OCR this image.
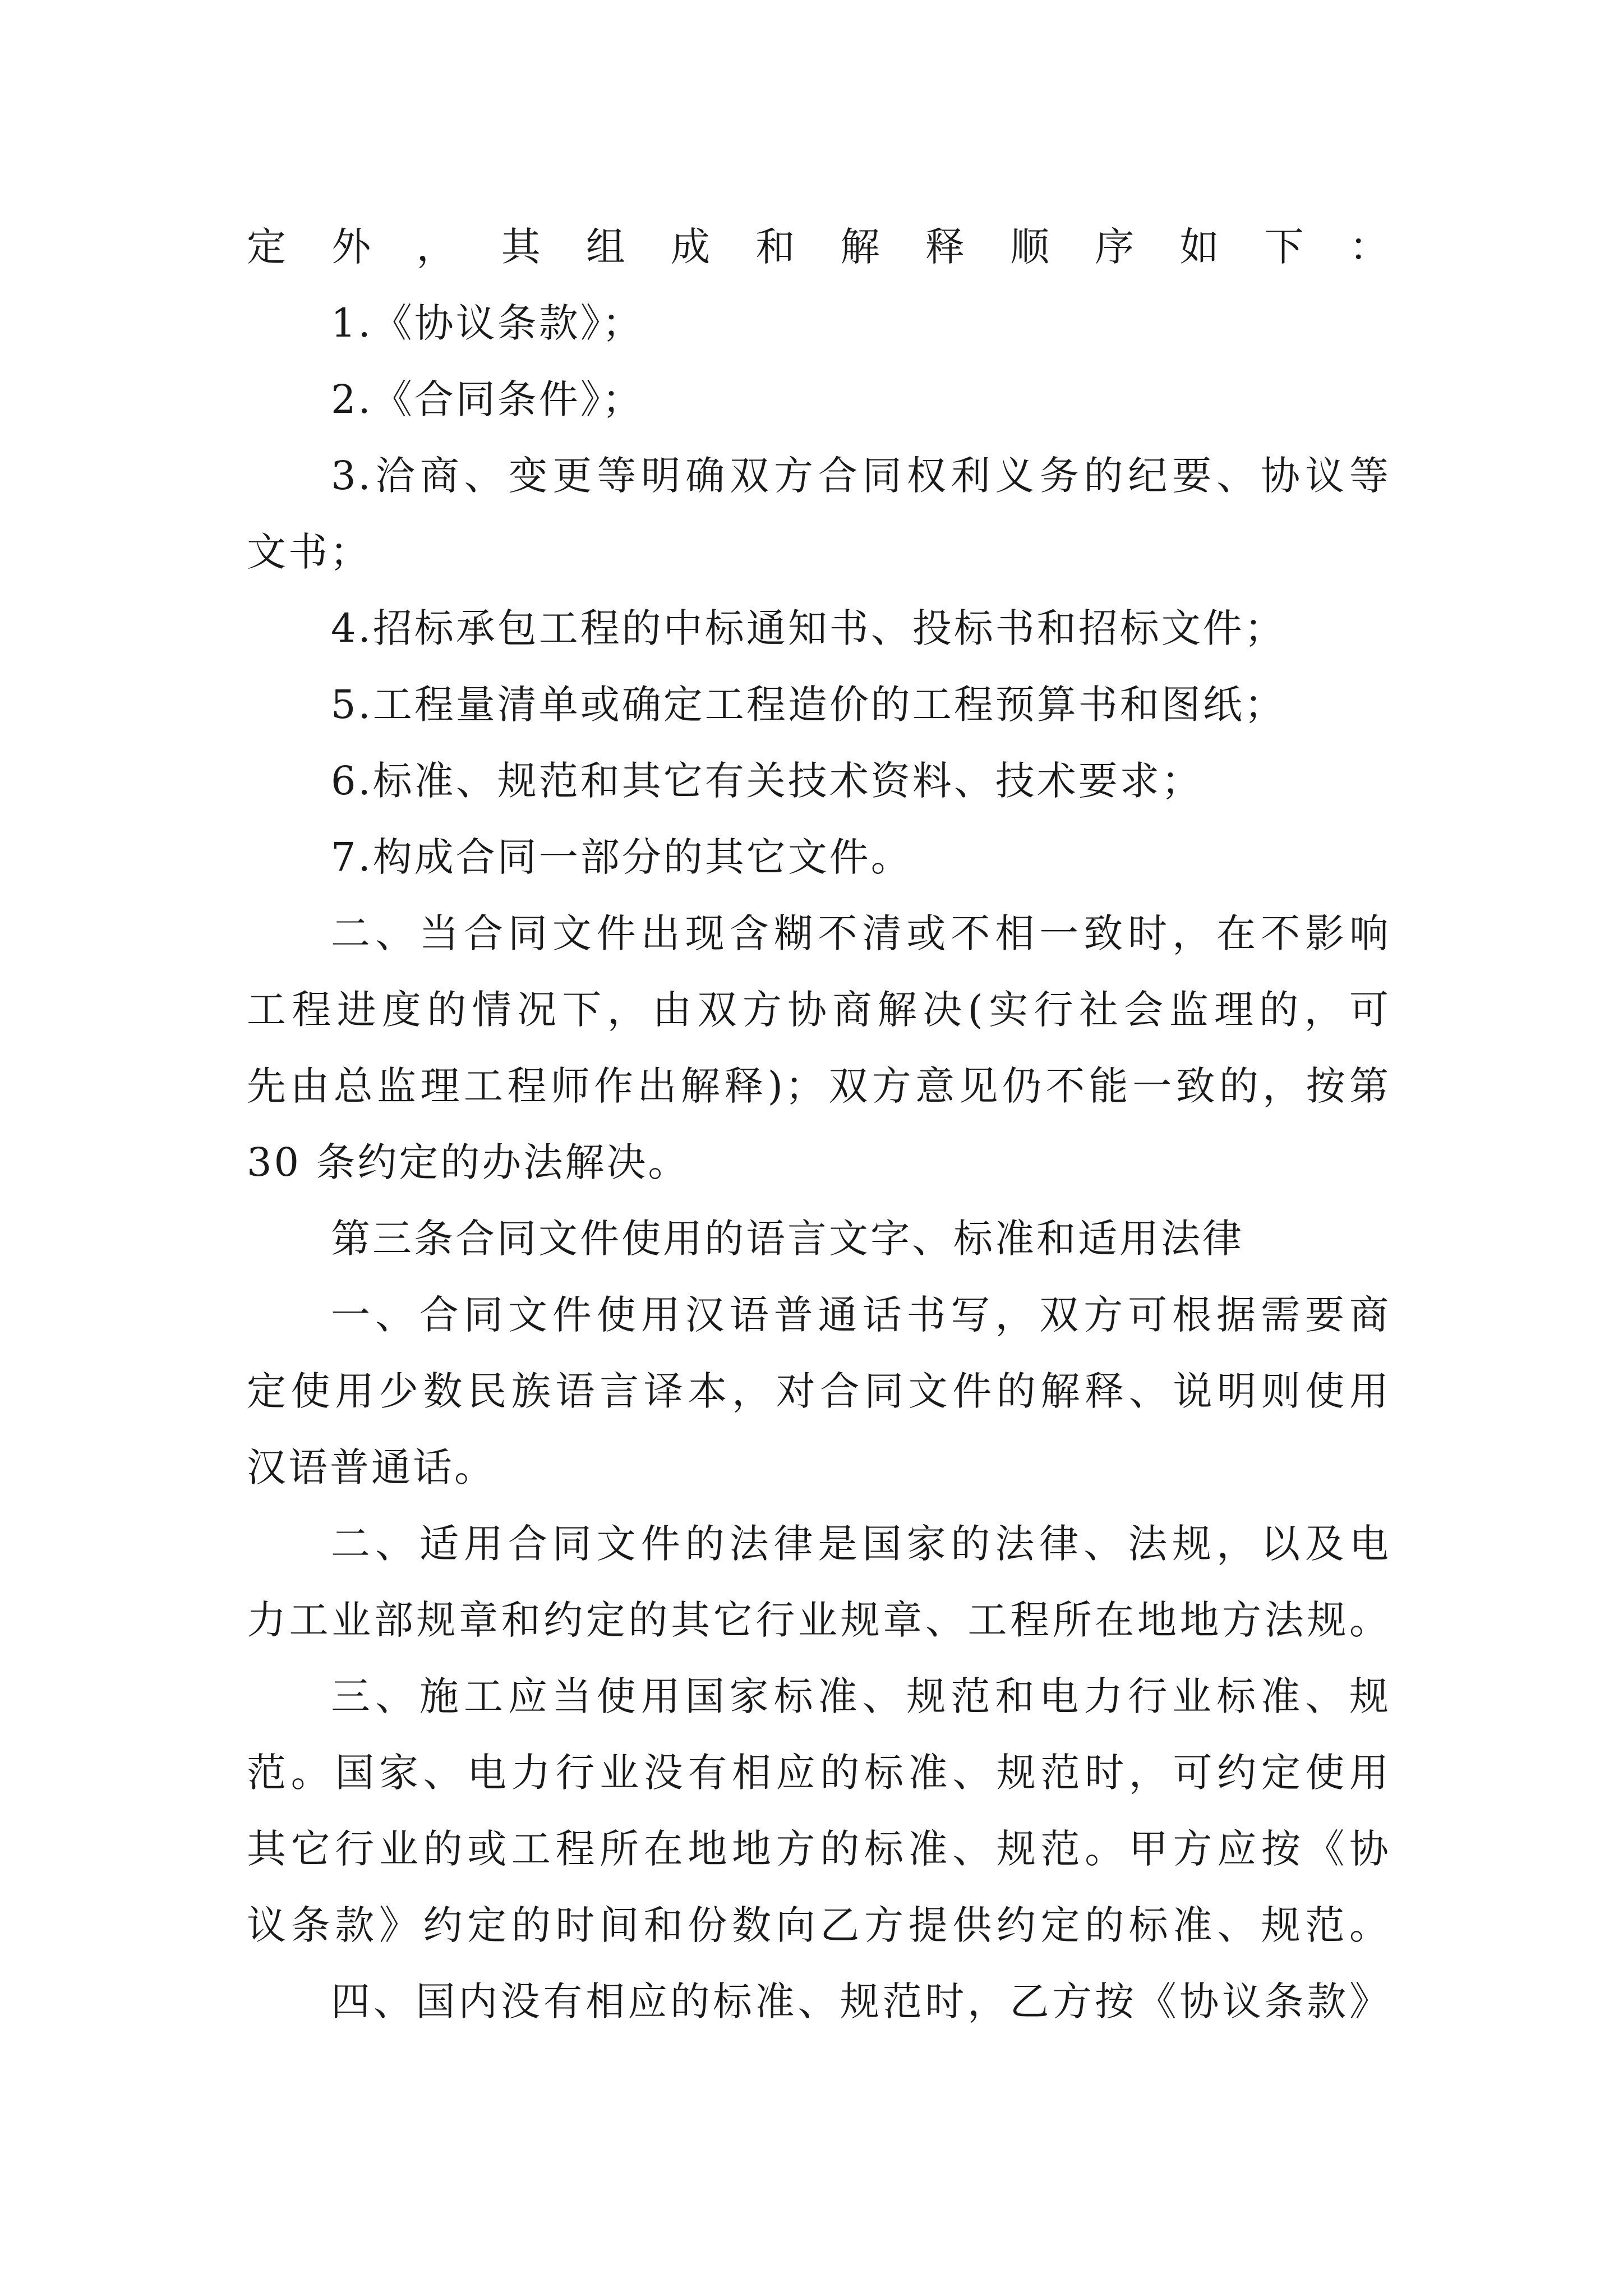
定外，其组成和解释顺序如下：
1.《协议条款》；
2.《合同条件》；
3.洽商、变更等明确双方合同权利义务的纪要、协议等
文书；
4.招标承包工程的中标通知书、投标书和招标文件；
5.工程量清单或确定工程造价的工程预算书和图纸；
6.标准、规范和其它有关技术资料、技术要求；
7.构成合同一部分的其它文件。
二、当合同文件出现含糊不清或不相一致时，在不影响
工程进度的情况下，由双方协商解决(实行社会监理的，可
先由总监理工程师作出解释)；双方意见仍不能一致的，按第
30 条约定的办法解决。
第三条合同文件使用的语言文字、标准和适用法律
一、合同文件使用汉语普通话书写，双方可根据需要商
定使用少数民族语言译本，对合同文件的解释、说明则使用
汉语普通话。
二、适用合同文件的法律是国家的法律、法规，以及电
力工业部规章和约定的其它行业规章、工程所在地地方法规。
三、施工应当使用国家标准、规范和电力行业标准、规
范。国家、电力行业没有相应的标准、规范时，可约定使用
其它行业的或工程所在地地方的标准、规范。甲方应按《协
议条款》约定的时间和份数向乙方提供约定的标准、规范。
四、国内没有相应的标准、规范时，乙方按《协议条款》
